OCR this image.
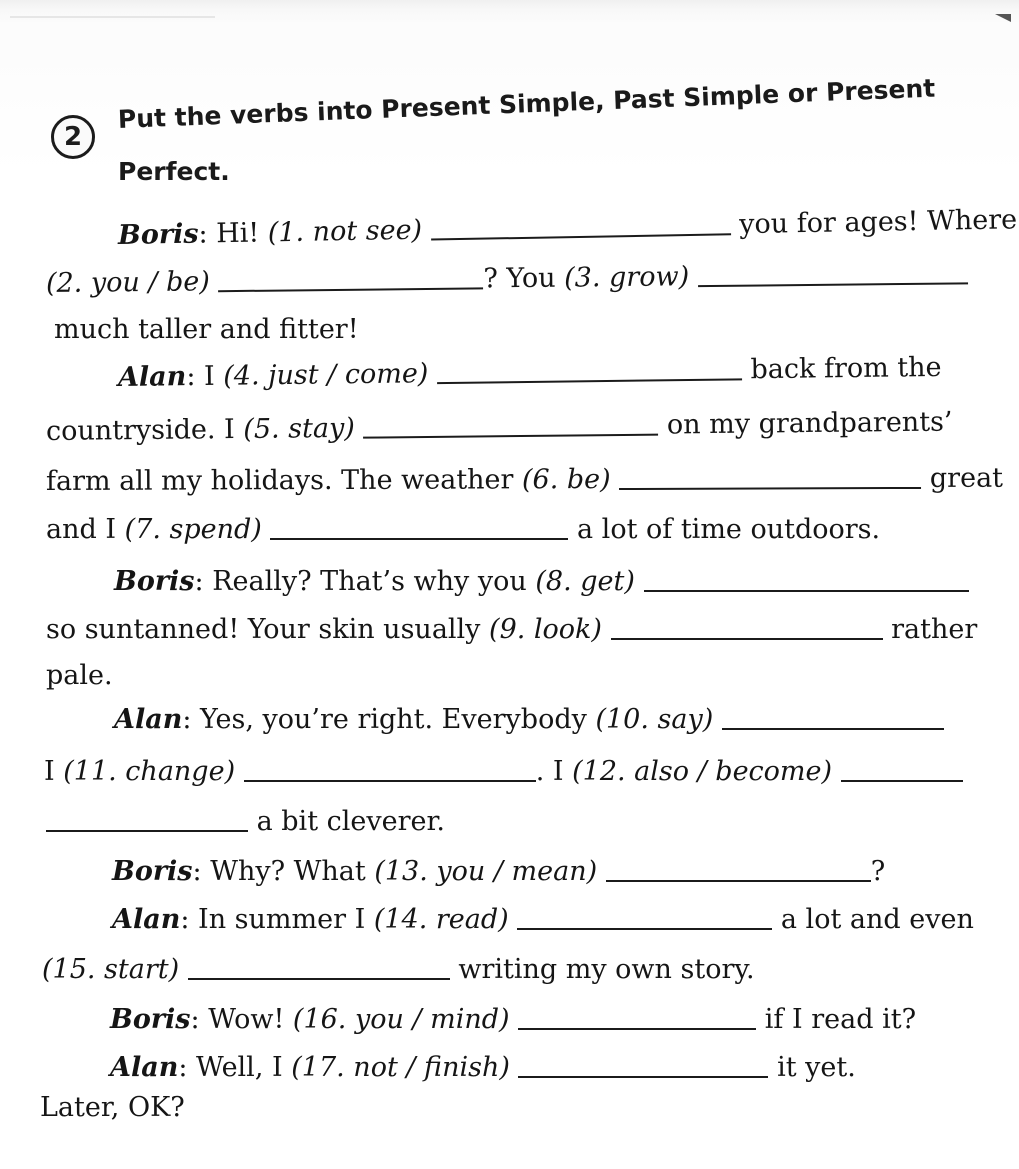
2
Put the verbs into Present Simple, Past Simple or Present
Perfect.
Boris: Hi! (1. not see)	you for ages! Where
(2. you / be)	? You (3. grow)
much taller and fitter!
Alan: I (4. just / come)	back from the
countryside. I (5. stay)	on my grandparents’
farm all my holidays. The weather (6. be)	great
and I (7. spend)	a lot of time outdoors.
Boris: Really? That’s why you (8. get)
so suntanned! Your skin usually (9. look)	rather
pale.
Alan: Yes, you’re right. Everybody (10. say)
I (11. change)	. I (12. also / become)
a bit cleverer.
Boris: Why? What (13. you / mean)	?
Alan: In summer I (14. read)	a lot and even
(15. start)	writing my own story.
Boris: Wow! (16. you / mind)	if I read it?
Alan: Well, I (17. not / finish)	it yet.
Later, OK?
